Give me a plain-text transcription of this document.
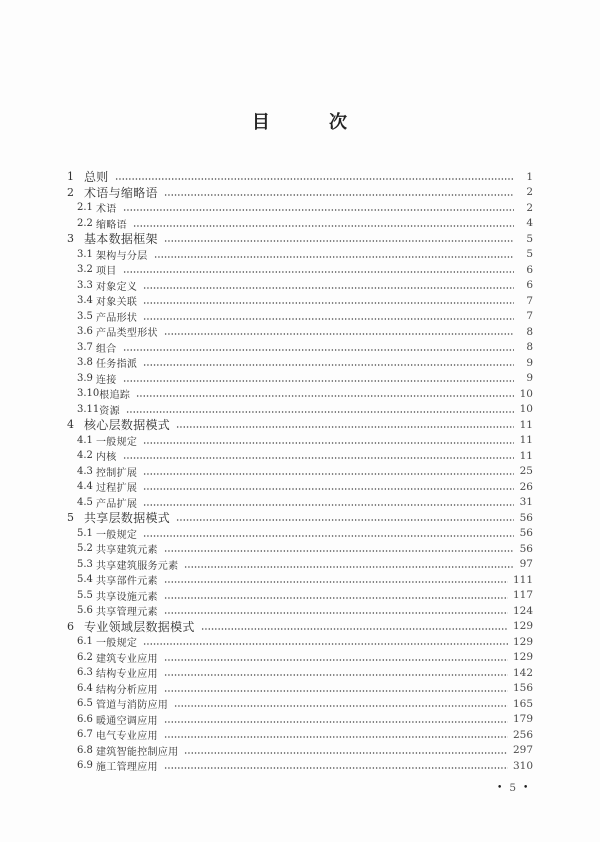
目        次
1 总则	1
2 术语与缩略语	2
2.1 术语	2
2.2 缩略语	4
3 基本数据框架	5
3.1 架构与分层	5
3.2 项目	6
3.3 对象定义	6
3.4 对象关联	7
3.5 产品形状	7
3.6 产品类型形状	8
3.7 组合	8
3.8 任务指派	9
3.9 连接	9
3.10 根追踪	10
3.11 资源	10
4 核心层数据模式	11
4.1 一般规定	11
4.2 内核	11
4.3 控制扩展	25
4.4 过程扩展	26
4.5 产品扩展	31
5 共享层数据模式	56
5.1 一般规定	56
5.2 共享建筑元素	56
5.3 共享建筑服务元素	97
5.4 共享部件元素	111
5.5 共享设施元素	117
5.6 共享管理元素	124
6 专业领域层数据模式	129
6.1 一般规定	129
6.2 建筑专业应用	129
6.3 结构专业应用	142
6.4 结构分析应用	156
6.5 管道与消防应用	165
6.6 暖通空调应用	179
6.7 电气专业应用	256
6.8 建筑智能控制应用	297
6.9 施工管理应用	310
• 5 •
